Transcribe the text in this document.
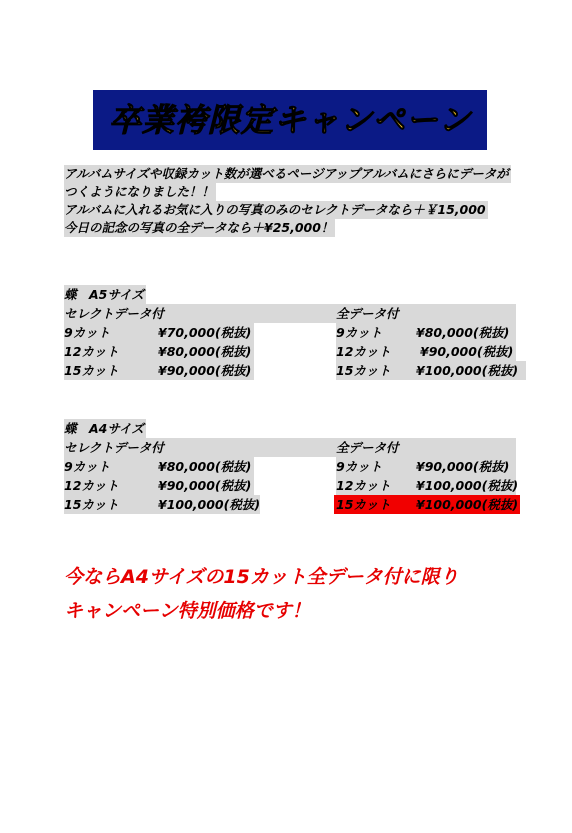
卒業袴限定キャンペーン
アルバムサイズや収録カット数が選べるページアップアルバムにさらにデータが
つくようになりました！！
アルバムに入れるお気に入りの写真のみのセレクトデータなら＋￥15,000
今日の記念の写真の全データなら＋¥25,000！
蝶　A5サイズ
セレクトデータ付	全データ付
9カット	¥70,000(税抜)	9カット	¥80,000(税抜)
12カット	¥80,000(税抜)	12カット ¥90,000(税抜)
15カット	¥90,000(税抜)	15カット ¥100,000(税抜)
蝶　A4サイズ
セレクトデータ付	全データ付
9カット	¥80,000(税抜)	9カット	¥90,000(税抜)
12カット	¥90,000(税抜)	12カット ¥100,000(税抜)
15カット	¥100,000(税抜)	15カット ¥100,000(税抜)
今ならA4サイズの15カット全データ付に限り
キャンペーン特別価格です！
